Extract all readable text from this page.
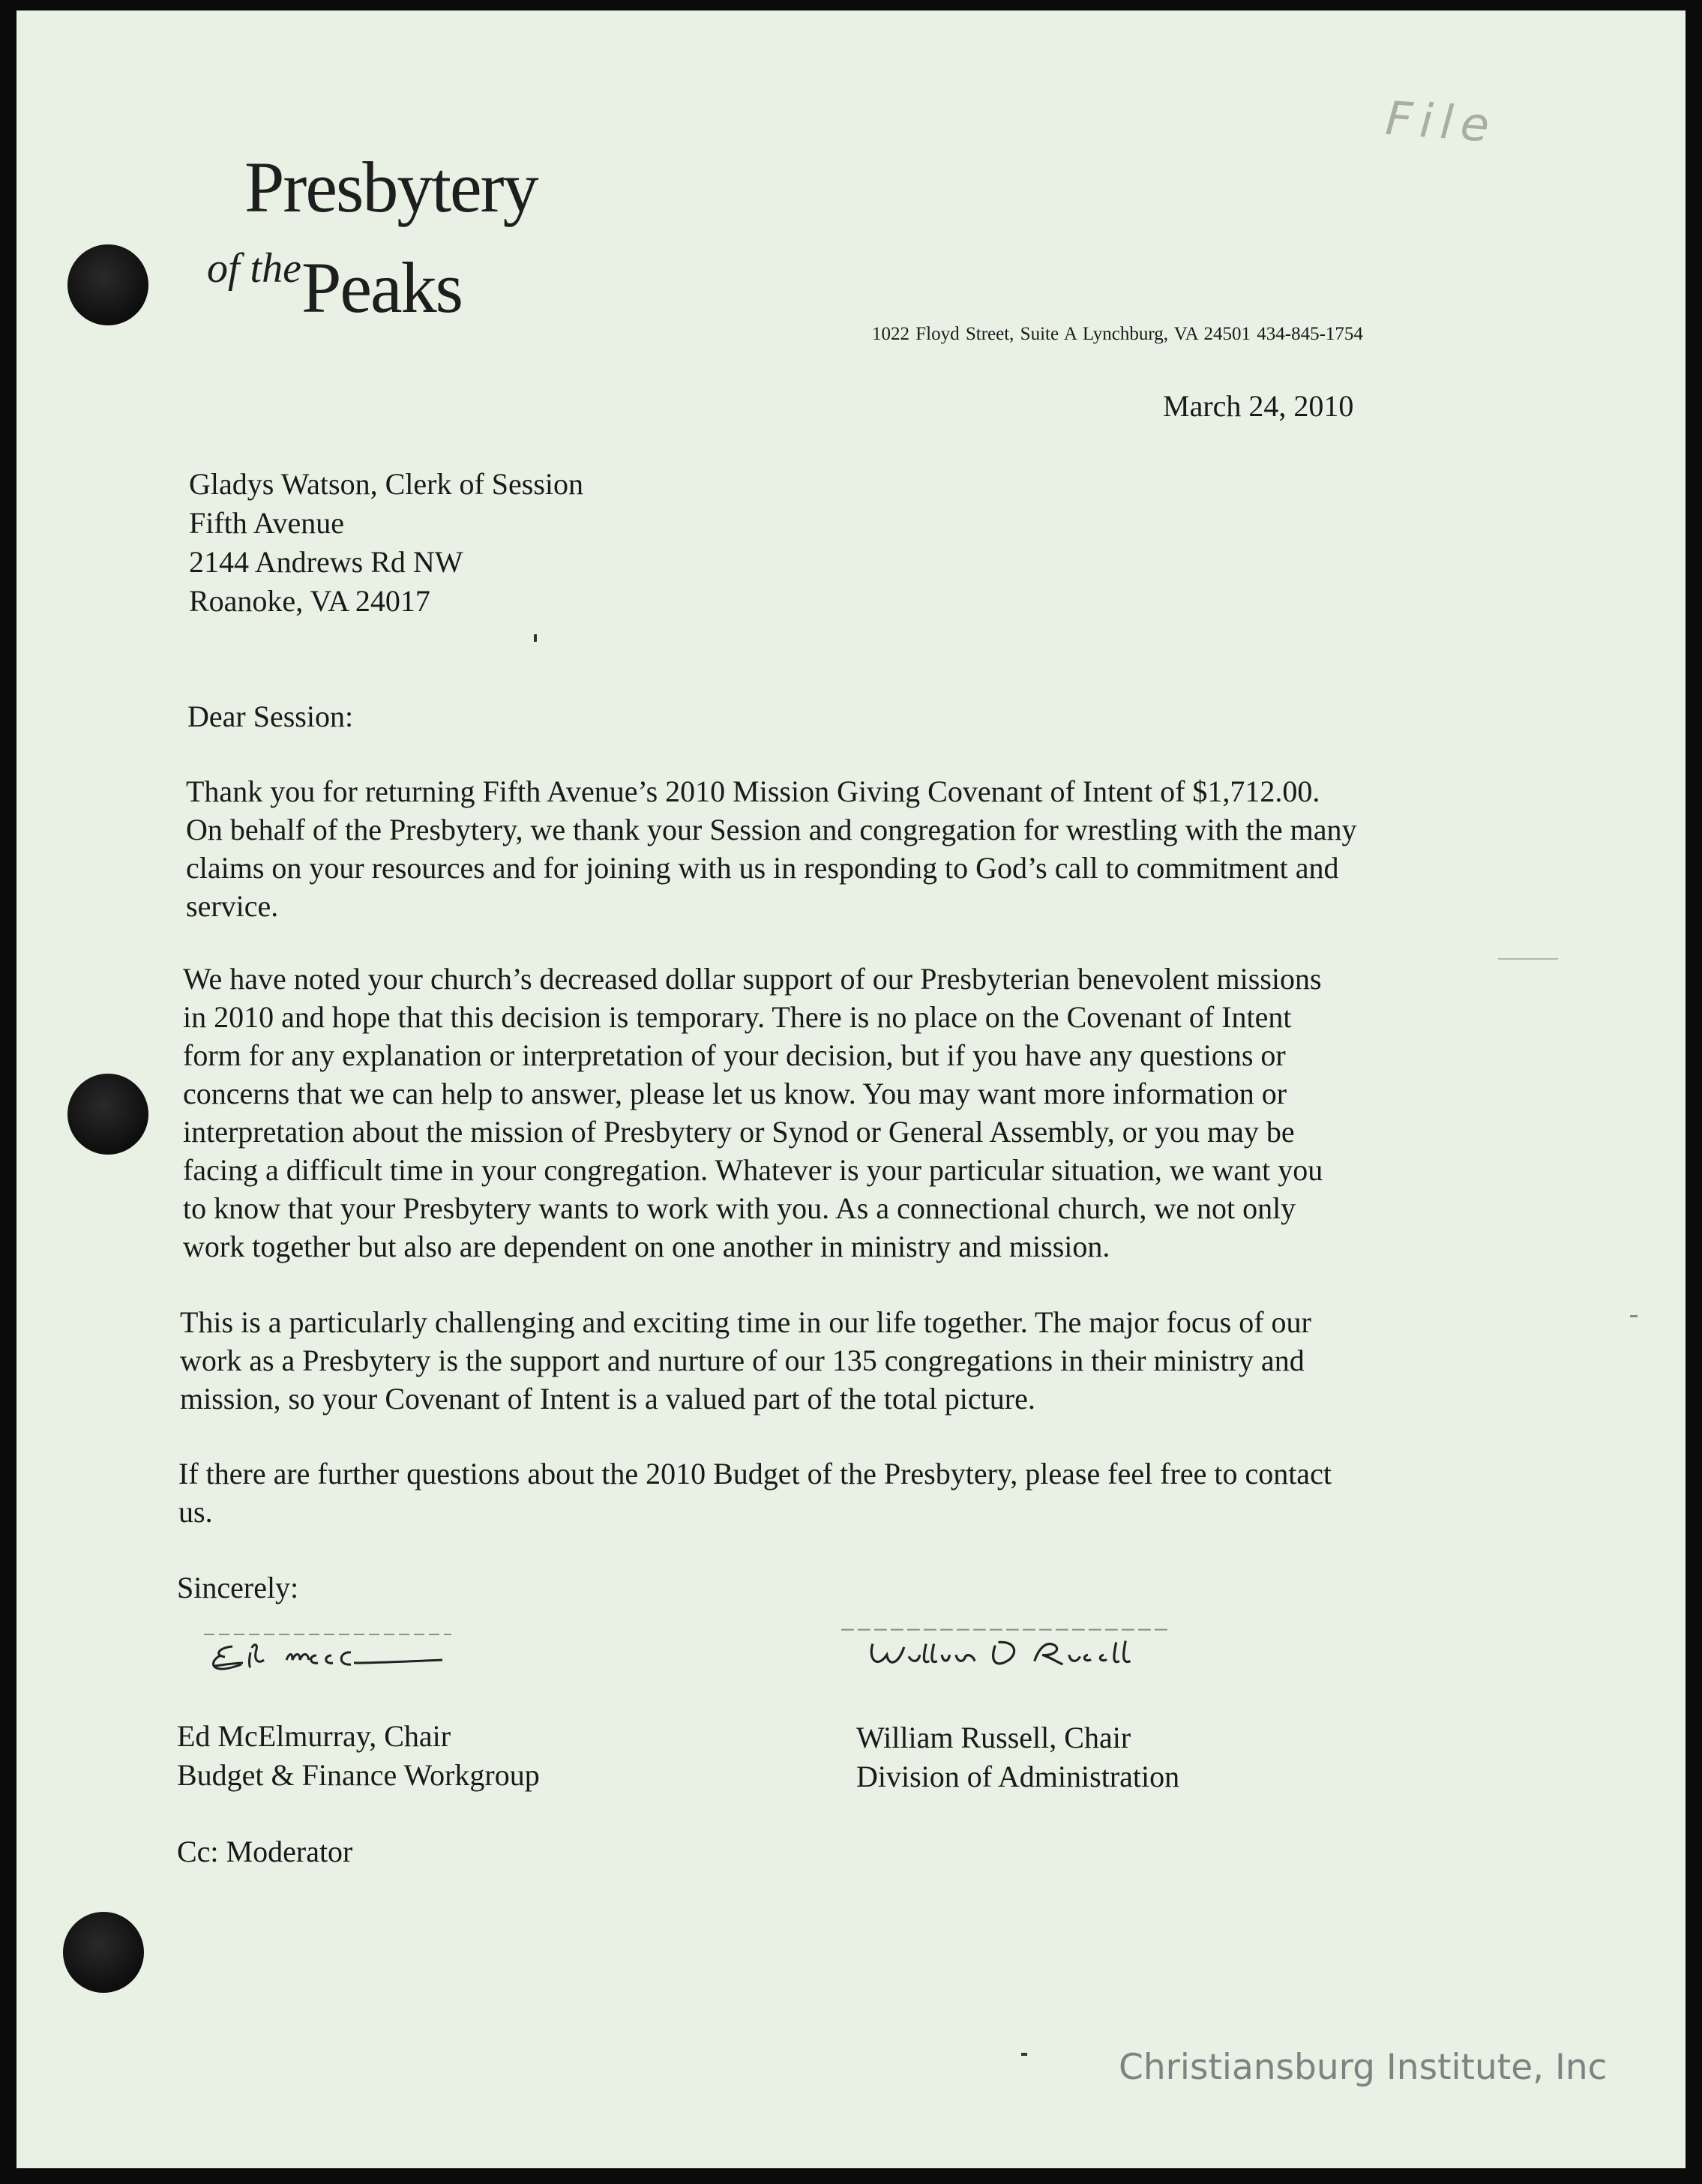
Presbytery
of thePeaks
1022 Floyd Street, Suite A Lynchburg, VA 24501 434-845-1754
File
March 24, 2010
Gladys Watson, Clerk of Session
Fifth Avenue
2144 Andrews Rd NW
Roanoke, VA 24017
Dear Session:
Thank you for returning Fifth Avenue’s 2010 Mission Giving Covenant of Intent of $1,712.00.
On behalf of the Presbytery, we thank your Session and congregation for wrestling with the many
claims on your resources and for joining with us in responding to God’s call to commitment and
service.
We have noted your church’s decreased dollar support of our Presbyterian benevolent missions
in 2010 and hope that this decision is temporary. There is no place on the Covenant of Intent
form for any explanation or interpretation of your decision, but if you have any questions or
concerns that we can help to answer, please let us know. You may want more information or
interpretation about the mission of Presbytery or Synod or General Assembly, or you may be
facing a difficult time in your congregation. Whatever is your particular situation, we want you
to know that your Presbytery wants to work with you. As a connectional church, we not only
work together but also are dependent on one another in ministry and mission.
This is a particularly challenging and exciting time in our life together. The major focus of our
work as a Presbytery is the support and nurture of our 135 congregations in their ministry and
mission, so your Covenant of Intent is a valued part of the total picture.
If there are further questions about the 2010 Budget of the Presbytery, please feel free to contact
us.
Sincerely:
Ed McElmurray, Chair
Budget & Finance Workgroup
William Russell, Chair
Division of Administration
Cc: Moderator
Christiansburg Institute, Inc
